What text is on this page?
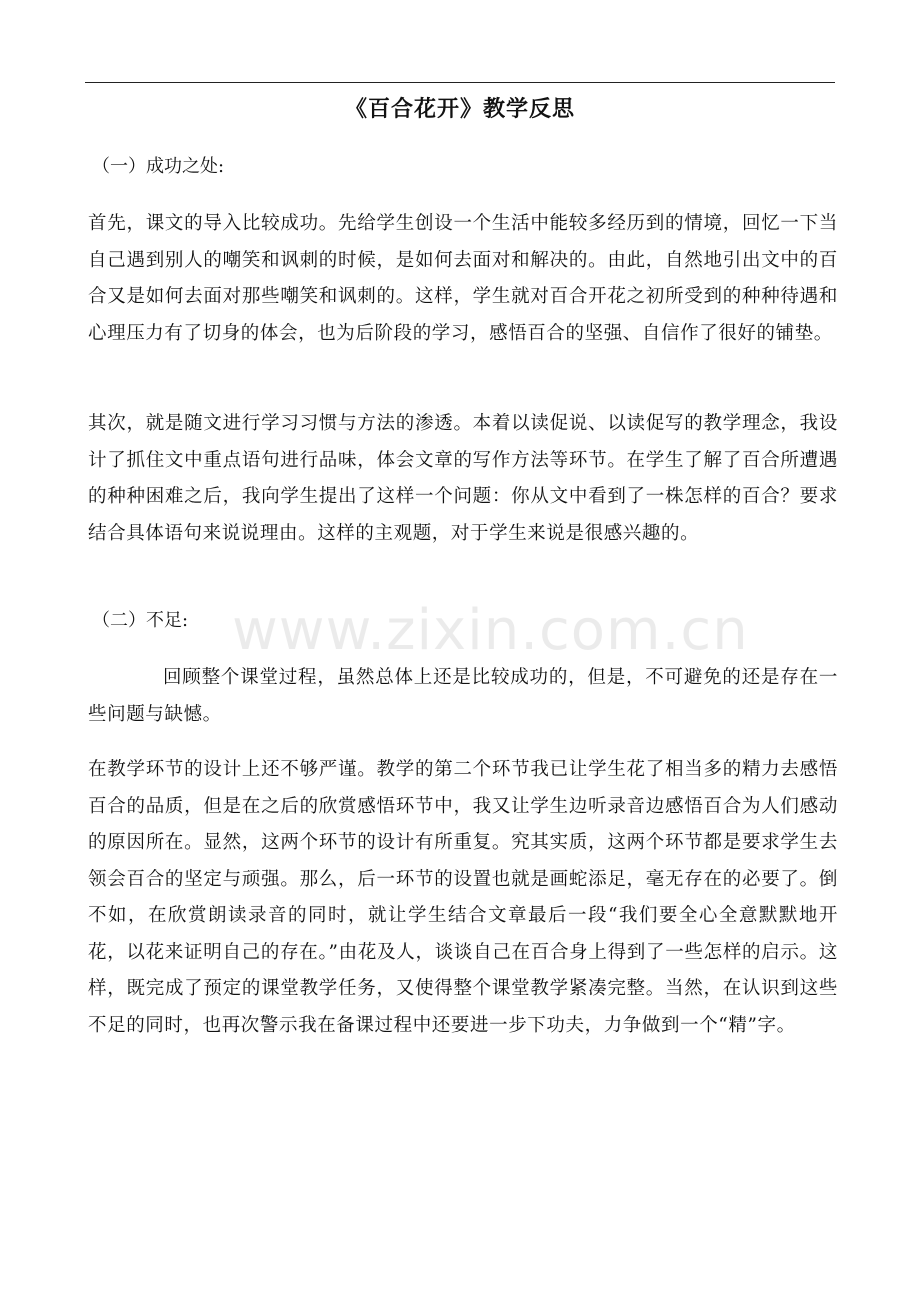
《百合花开》教学反思
（一）成功之处:
首先，课文的导入比较成功。先给学生创设一个生活中能较多经历到的情境，回忆一下当自己遇到别人的嘲笑和讽刺的时候，是如何去面对和解决的。由此，自然地引出文中的百合又是如何去面对那些嘲笑和讽刺的。这样，学生就对百合开花之初所受到的种种待遇和心理压力有了切身的体会，也为后阶段的学习，感悟百合的坚强、自信作了很好的铺垫。
其次，就是随文进行学习习惯与方法的渗透。本着以读促说、以读促写的教学理念，我设计了抓住文中重点语句进行品味，体会文章的写作方法等环节。在学生了解了百合所遭遇的种种困难之后，我向学生提出了这样一个问题：你从文中看到了一株怎样的百合？要求结合具体语句来说说理由。这样的主观题，对于学生来说是很感兴趣的。
（二）不足:
回顾整个课堂过程，虽然总体上还是比较成功的，但是，不可避免的还是存在一些问题与缺憾。
在教学环节的设计上还不够严谨。教学的第二个环节我已让学生花了相当多的精力去感悟百合的品质，但是在之后的欣赏感悟环节中，我又让学生边听录音边感悟百合为人们感动的原因所在。显然，这两个环节的设计有所重复。究其实质，这两个环节都是要求学生去领会百合的坚定与顽强。那么，后一环节的设置也就是画蛇添足，毫无存在的必要了。倒不如，在欣赏朗读录音的同时，就让学生结合文章最后一段“我们要全心全意默默地开花，以花来证明自己的存在。”由花及人，谈谈自己在百合身上得到了一些怎样的启示。这样，既完成了预定的课堂教学任务，又使得整个课堂教学紧凑完整。当然，在认识到这些不足的同时，也再次警示我在备课过程中还要进一步下功夫，力争做到一个“精”字。
www.zixin.com.cn
